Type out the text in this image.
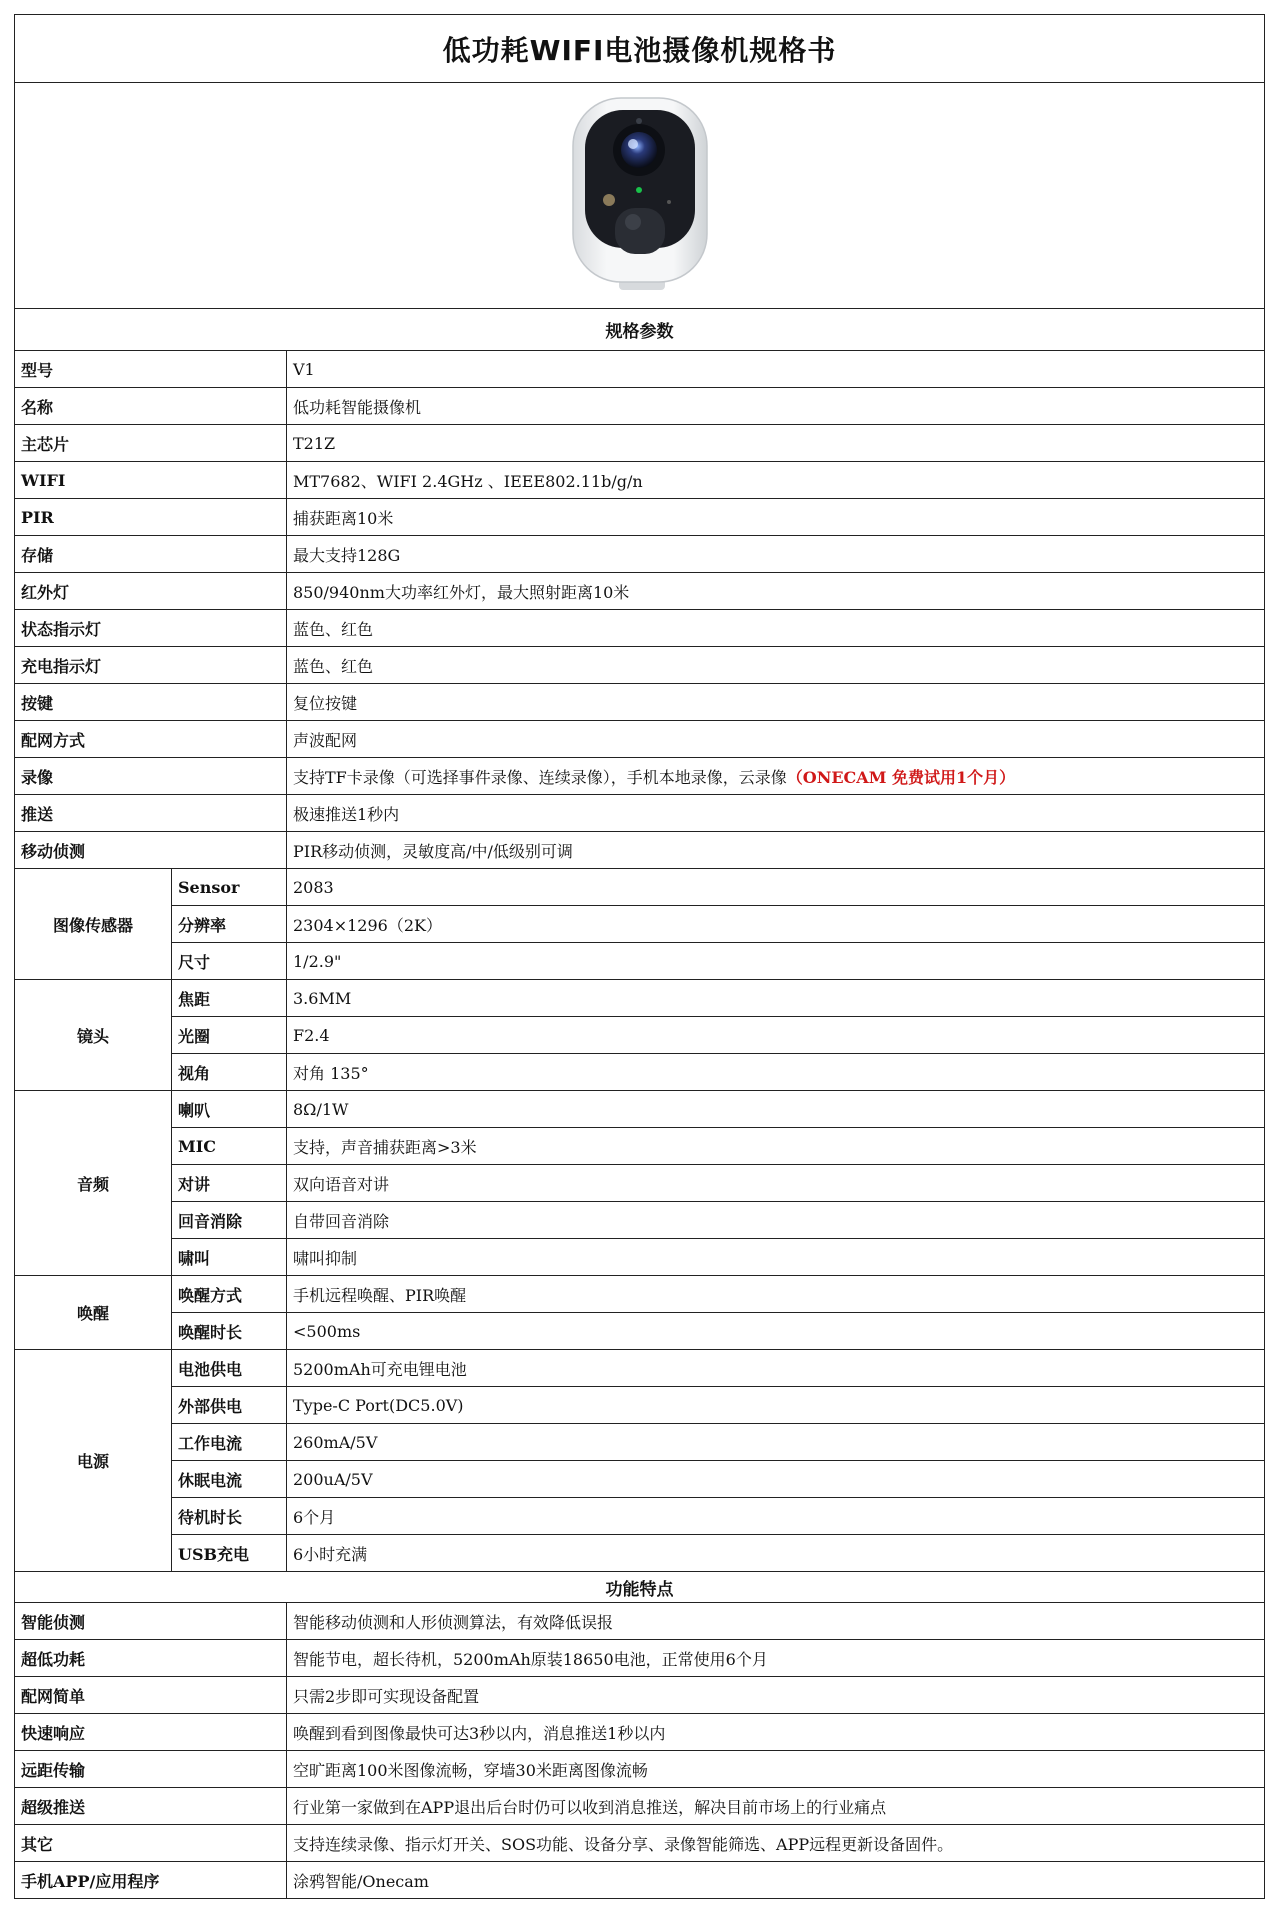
低功耗WIFI电池摄像机规格书		

规格参数		
型号		V1
名称		低功耗智能摄像机
主芯片		T21Z
WIFI		MT7682、WIFI 2.4GHz 、IEEE802.11b/g/n
PIR		捕获距离10米
存储		最大支持128G
红外灯		850/940nm大功率红外灯，最大照射距离10米
状态指示灯		蓝色、红色
充电指示灯		蓝色、红色
按键		复位按键
配网方式		声波配网
录像		支持TF卡录像（可选择事件录像、连续录像），手机本地录像，云录像（ONECAM 免费试用1个月）
推送		极速推送1秒内
移动侦测		PIR移动侦测，灵敏度高/中/低级别可调
图像传感器	Sensor	2083
	分辨率	2304×1296（2K）
	尺寸	1/2.9"
镜头	焦距	3.6MM
	光圈	F2.4
	视角	对角 135°
音频	喇叭	8Ω/1W
	MIC	支持，声音捕获距离>3米
	对讲	双向语音对讲
	回音消除	自带回音消除
	啸叫	啸叫抑制
唤醒	唤醒方式	手机远程唤醒、PIR唤醒
	唤醒时长	<500ms
电源	电池供电	5200mAh可充电锂电池
	外部供电	Type-C Port(DC5.0V)
	工作电流	260mA/5V
	休眠电流	200uA/5V
	待机时长	6个月
	USB充电	6小时充满
功能特点		
智能侦测		智能移动侦测和人形侦测算法，有效降低误报
超低功耗		智能节电，超长待机，5200mAh原装18650电池，正常使用6个月
配网简单		只需2步即可实现设备配置
快速响应		唤醒到看到图像最快可达3秒以内，消息推送1秒以内
远距传输		空旷距离100米图像流畅，穿墙30米距离图像流畅
超级推送		行业第一家做到在APP退出后台时仍可以收到消息推送，解决目前市场上的行业痛点
其它		支持连续录像、指示灯开关、SOS功能、设备分享、录像智能筛选、APP远程更新设备固件。
手机APP/应用程序		涂鸦智能/Onecam
